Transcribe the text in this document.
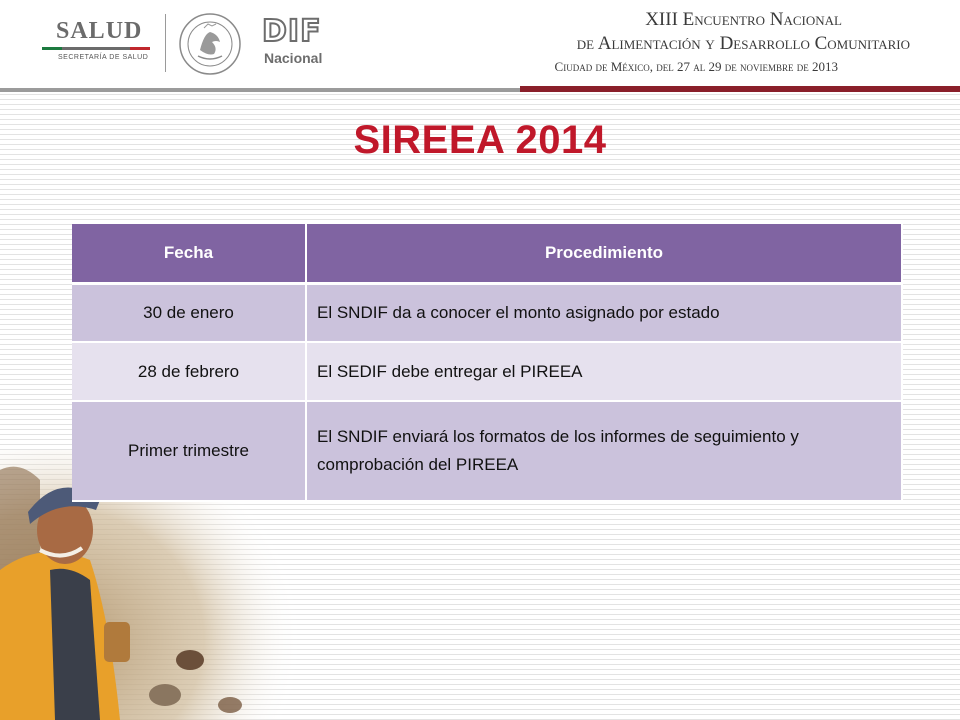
SALUD
SECRETARÍA DE SALUD
DIF
Nacional
XIII Encuentro Nacional
de Alimentación y Desarrollo Comunitario
Ciudad de México, del 27 al 29 de noviembre de 2013
SIREEA 2014
Fecha	Procedimiento
30 de enero	El SNDIF da a conocer el monto asignado por estado
28 de febrero	El SEDIF debe entregar el PIREEA
Primer trimestre	El SNDIF enviará los formatos de los informes de seguimiento y comprobación del PIREEA
